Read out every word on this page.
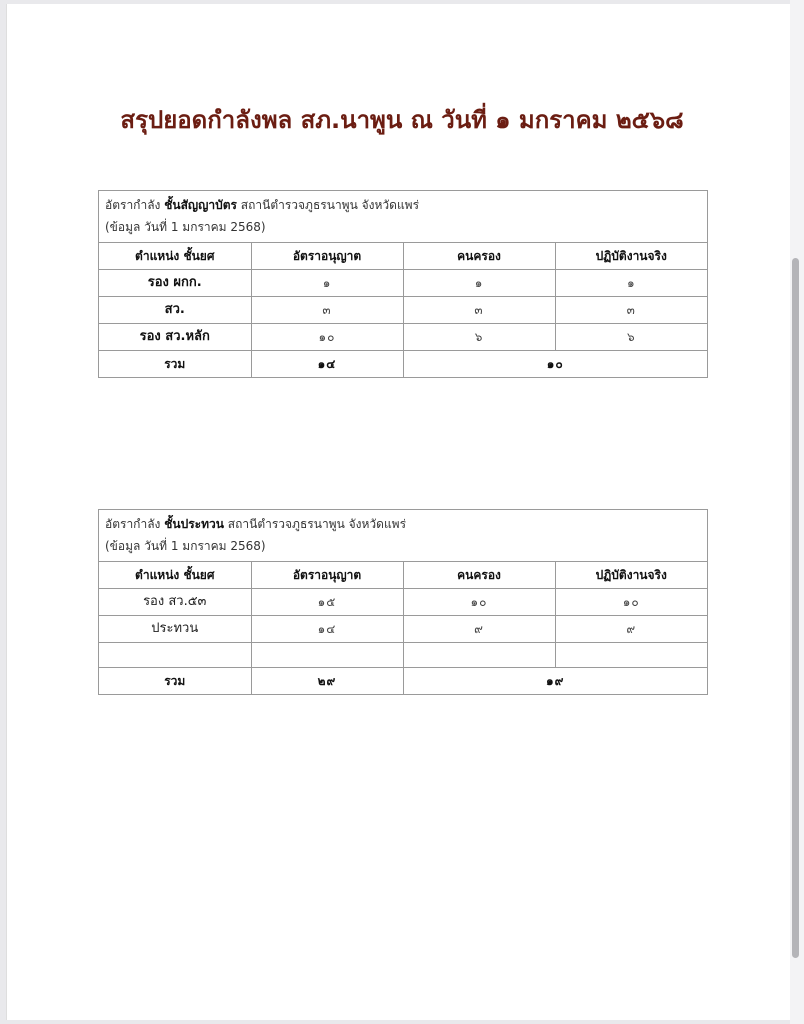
สรุปยอดกำลังพล สภ.นาพูน ณ วันที่ ๑ มกราคม ๒๕๖๘
อัตรากำลัง ชั้นสัญญาบัตร สถานีตำรวจภูธรนาพูน จังหวัดแพร่
(ข้อมูล วันที่ 1 มกราคม 2568)
ตำแหน่ง ชั้นยศ	อัตราอนุญาต	คนครอง	ปฏิบัติงานจริง
รอง ผกก.	๑	๑	๑
สว.	๓	๓	๓
รอง สว.หลัก	๑๐	๖	๖
รวม	๑๔	๑๐	
อัตรากำลัง ชั้นประทวน สถานีตำรวจภูธรนาพูน จังหวัดแพร่
(ข้อมูล วันที่ 1 มกราคม 2568)
ตำแหน่ง ชั้นยศ	อัตราอนุญาต	คนครอง	ปฏิบัติงานจริง
รอง สว.๕๓	๑๕	๑๐	๑๐
ประทวน	๑๔	๙	๙

รวม	๒๙	๑๙	
